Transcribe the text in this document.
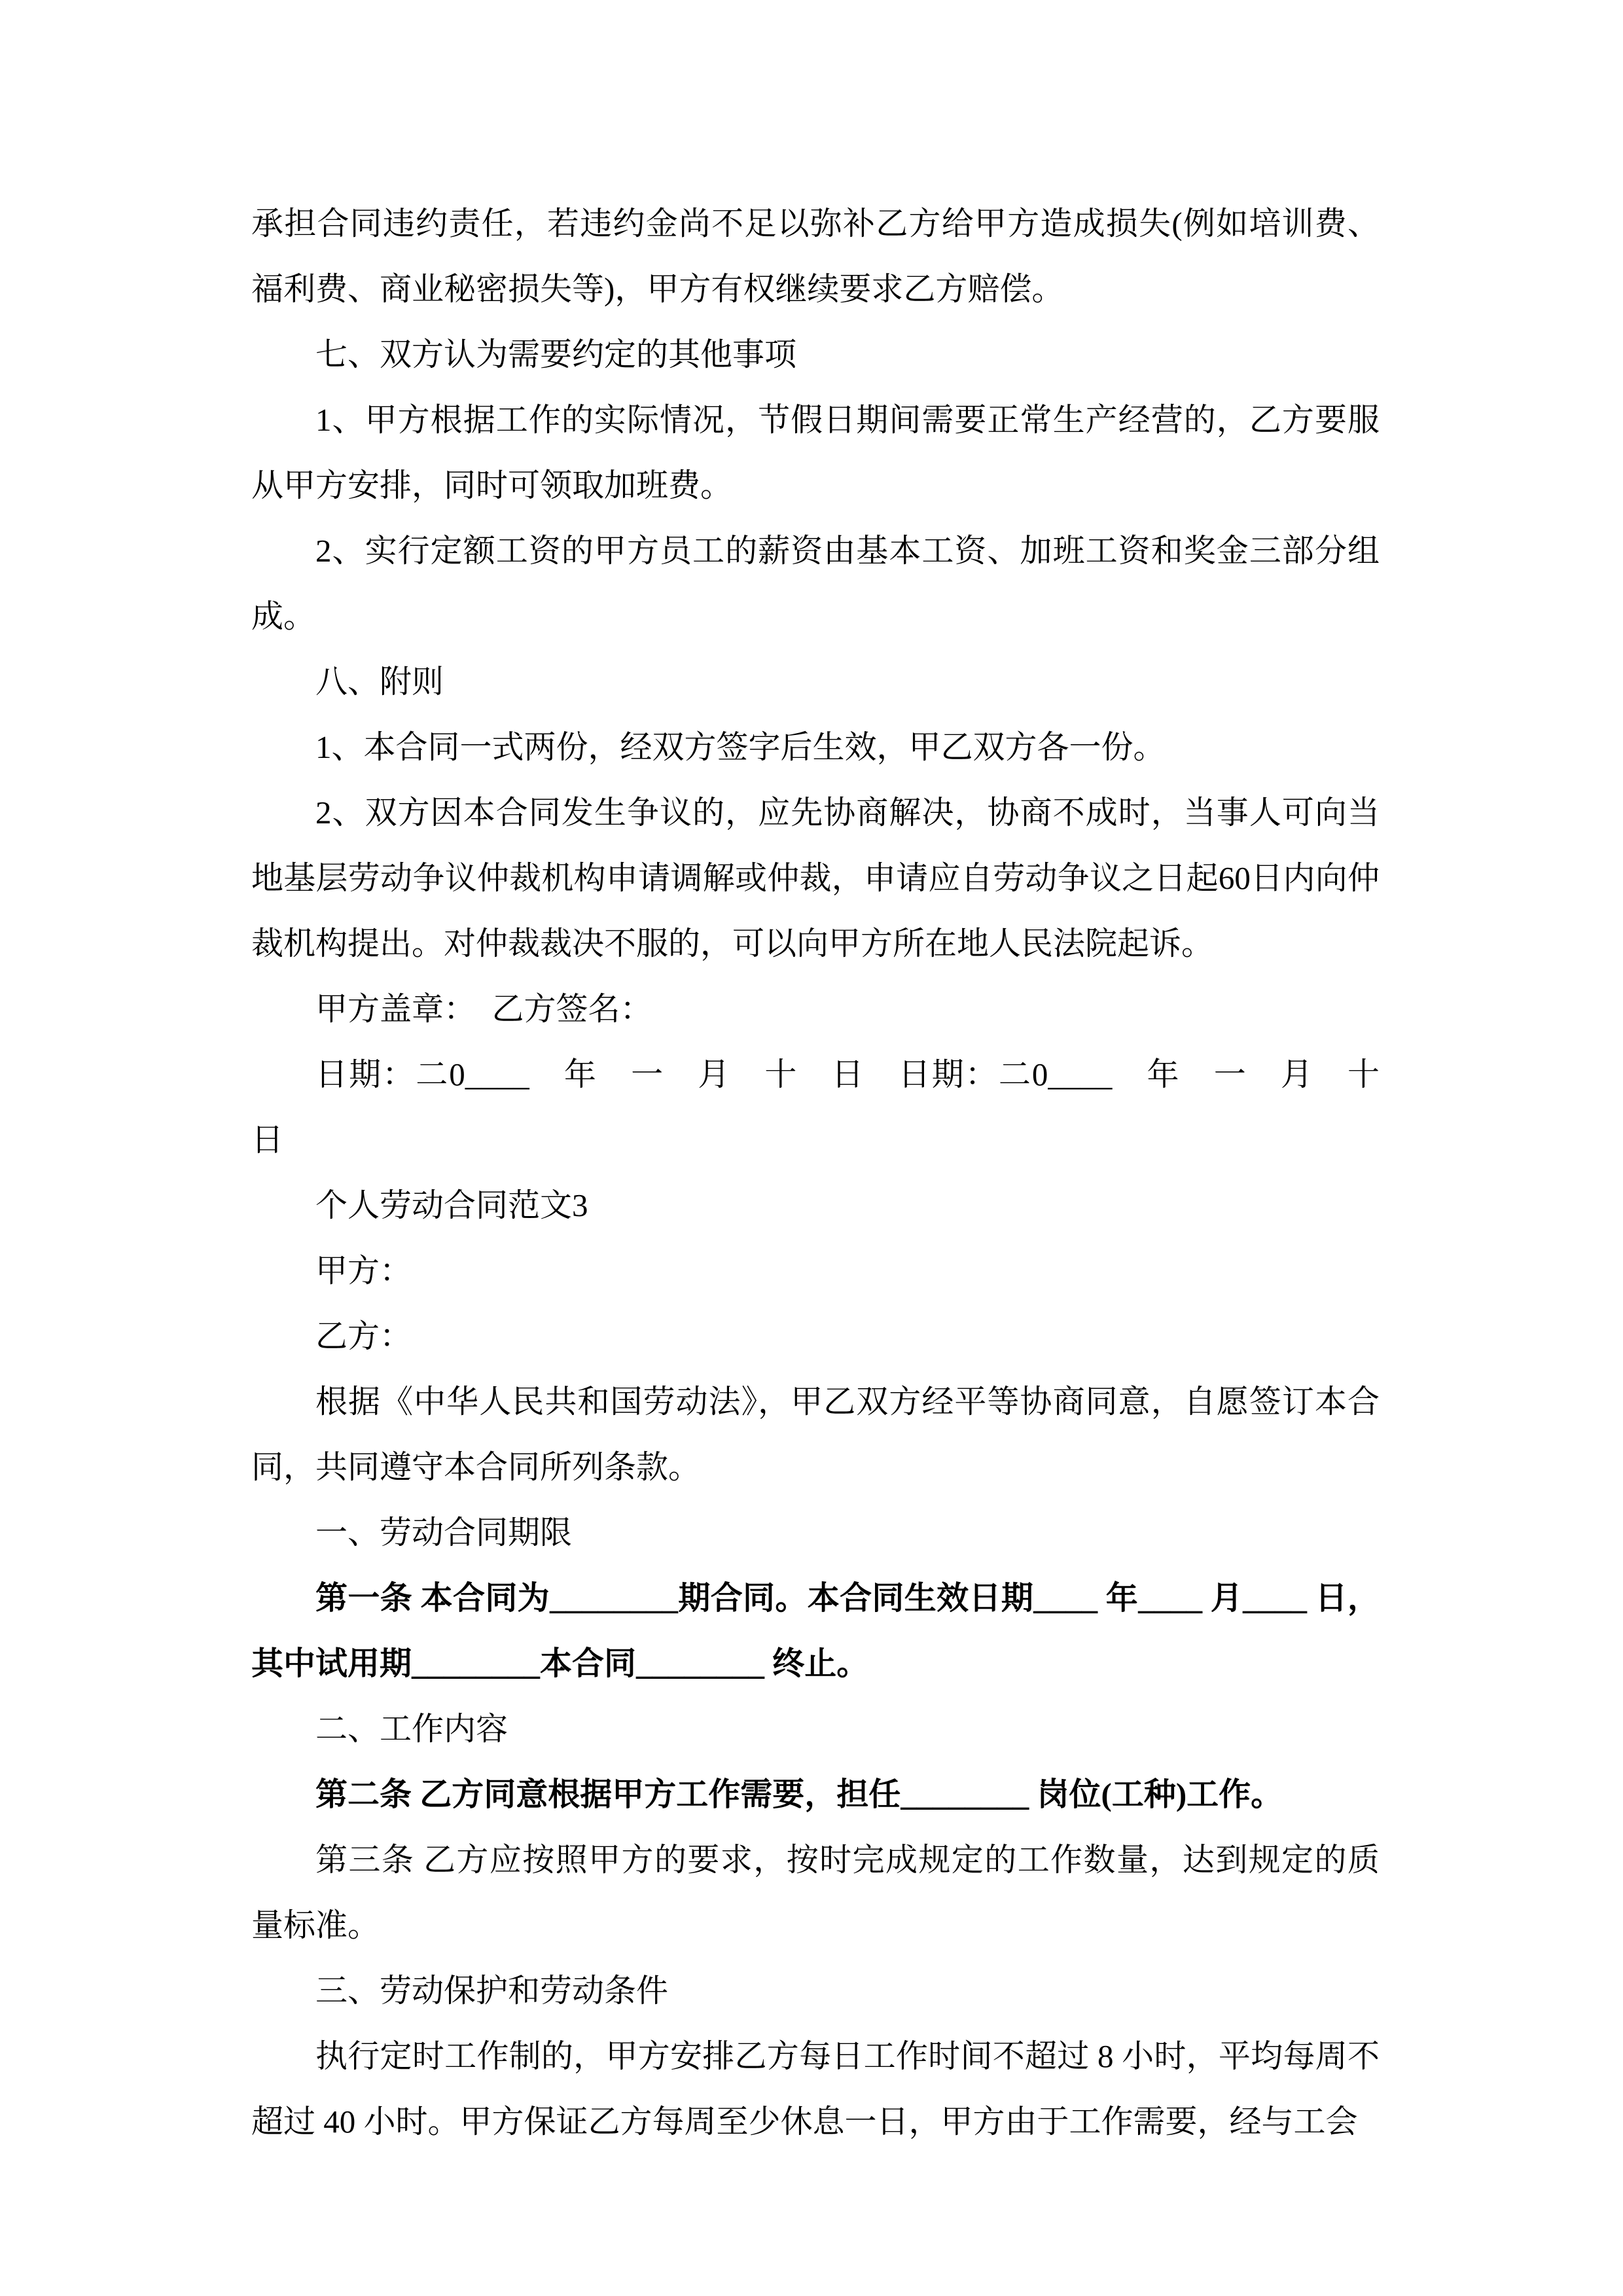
承担合同违约责任，若违约金尚不足以弥补乙方给甲方造成损失(例如培训费、福利费、商业秘密损失等)，甲方有权继续要求乙方赔偿。

七、双方认为需要约定的其他事项

1、甲方根据工作的实际情况，节假日期间需要正常生产经营的，乙方要服从甲方安排，同时可领取加班费。

2、实行定额工资的甲方员工的薪资由基本工资、加班工资和奖金三部分组成。

八、附则

1、本合同一式两份，经双方签字后生效，甲乙双方各一份。

2、双方因本合同发生争议的，应先协商解决，协商不成时，当事人可向当地基层劳动争议仲裁机构申请调解或仲裁，申请应自劳动争议之日起60日内向仲裁机构提出。对仲裁裁决不服的，可以向甲方所在地人民法院起诉。

甲方盖章：　乙方签名：

日期：二0____　年　一　月　十　日　日期：二0____　年　一　月　十　日

个人劳动合同范文3

甲方：

乙方：

根据《中华人民共和国劳动法》，甲乙双方经平等协商同意，自愿签订本合同，共同遵守本合同所列条款。

一、劳动合同期限

第一条 本合同为________期合同。本合同生效日期____ 年____ 月____ 日，其中试用期________本合同________ 终止。

二、工作内容

第二条 乙方同意根据甲方工作需要，担任________ 岗位(工种)工作。

第三条 乙方应按照甲方的要求，按时完成规定的工作数量，达到规定的质量标准。

三、劳动保护和劳动条件

执行定时工作制的，甲方安排乙方每日工作时间不超过 8 小时，平均每周不超过 40 小时。甲方保证乙方每周至少休息一日，甲方由于工作需要，经与工会
